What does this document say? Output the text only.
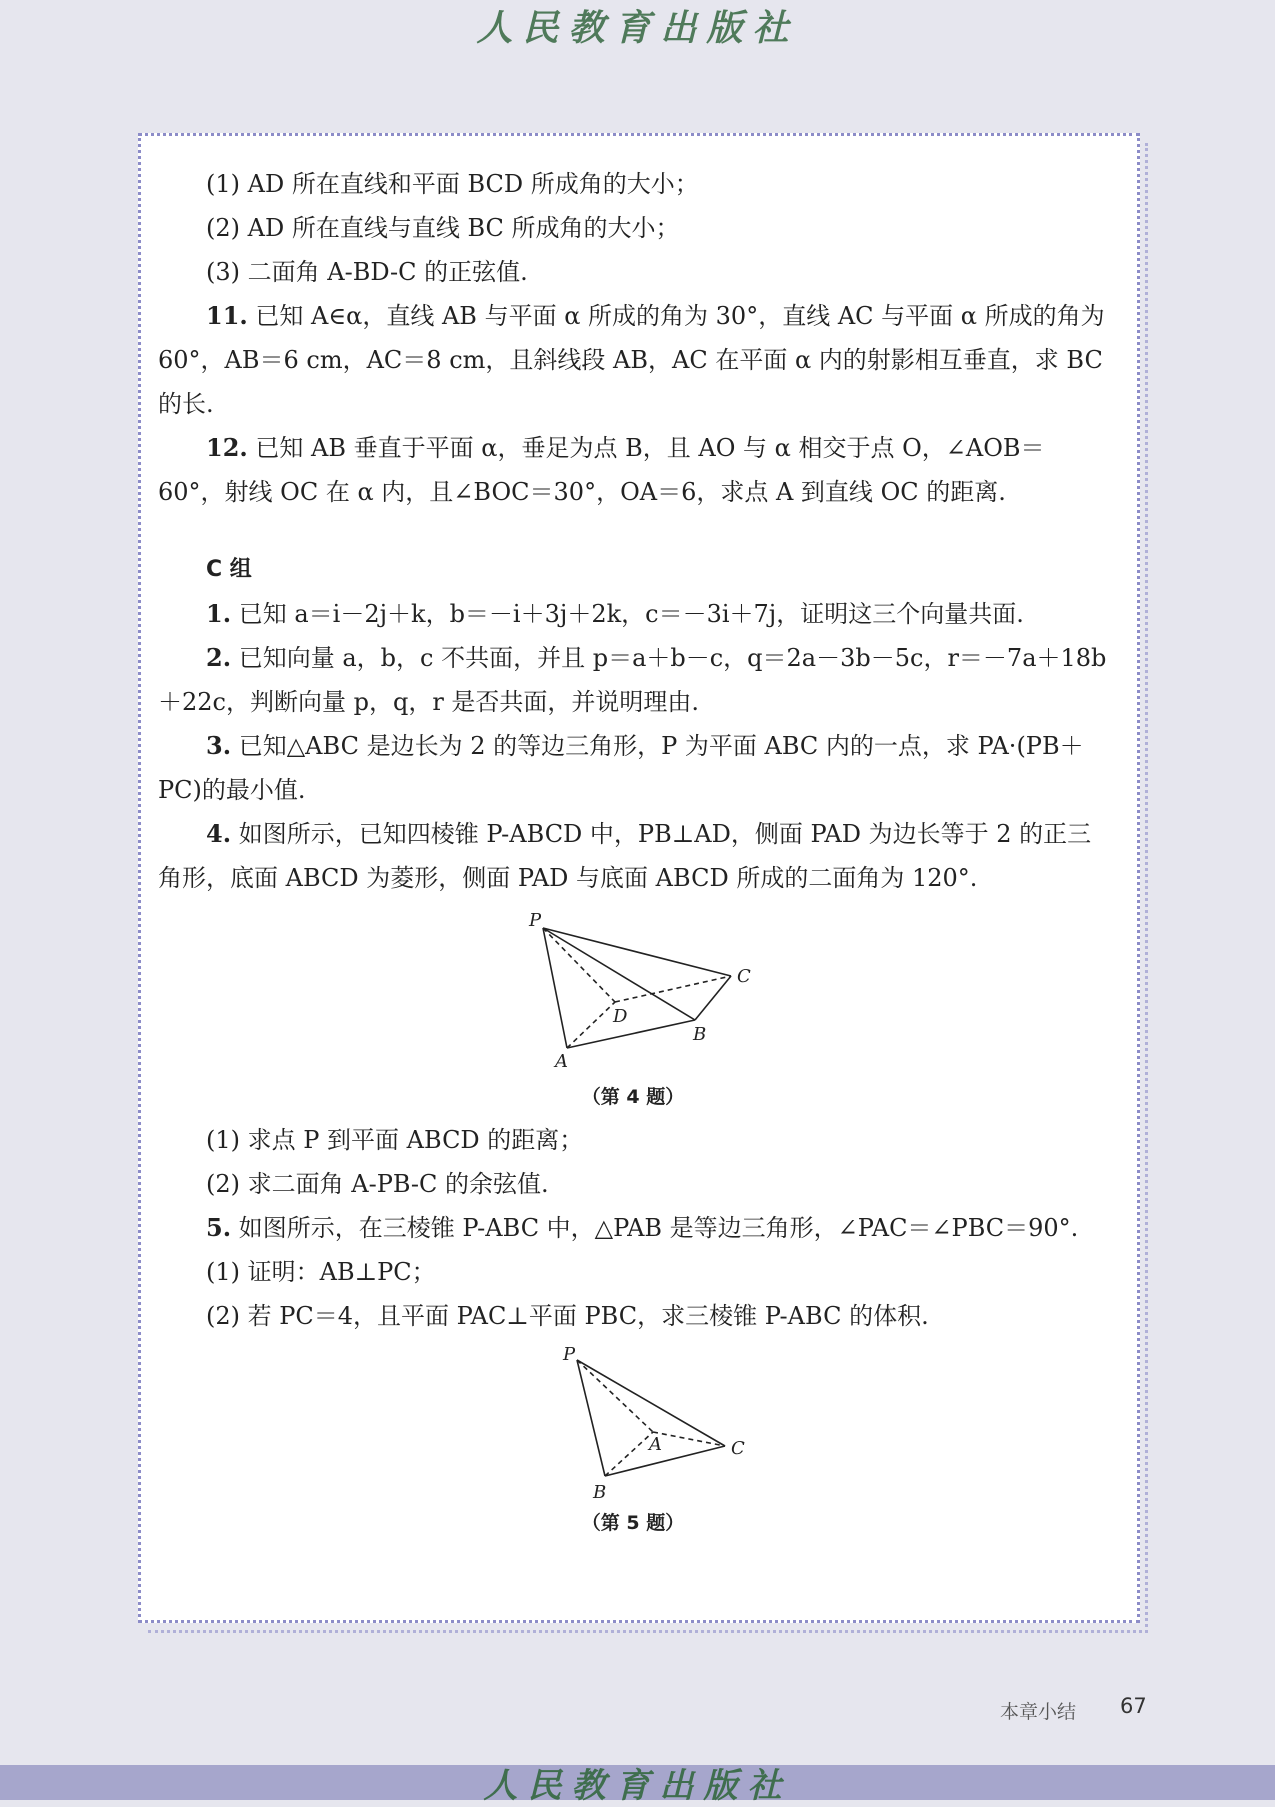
人民教育出版社

(1) AD 所在直线和平面 BCD 所成角的大小；

(2) AD 所在直线与直线 BC 所成角的大小；

(3) 二面角 A-BD-C 的正弦值.

11. 已知 A∈α，直线 AB 与平面 α 所成的角为 30°，直线 AC 与平面 α 所成的角为 60°，AB＝6 cm，AC＝8 cm，且斜线段 AB，AC 在平面 α 内的射影相互垂直，求 BC 的长.

12. 已知 AB 垂直于平面 α，垂足为点 B，且 AO 与 α 相交于点 O，∠AOB＝60°，射线 OC 在 α 内，且∠BOC＝30°，OA＝6，求点 A 到直线 OC 的距离.

C 组

1. 已知 a＝i－2j＋k，b＝－i＋3j＋2k，c＝－3i＋7j，证明这三个向量共面.

2. 已知向量 a，b，c 不共面，并且 p＝a＋b－c，q＝2a－3b－5c，r＝－7a＋18b＋22c，判断向量 p，q，r 是否共面，并说明理由.

3. 已知△ABC 是边长为 2 的等边三角形，P 为平面 ABC 内的一点，求 PA·(PB＋PC)的最小值.

4. 如图所示，已知四棱锥 P-ABCD 中，PB⊥AD，侧面 PAD 为边长等于 2 的正三角形，底面 ABCD 为菱形，侧面 PAD 与底面 ABCD 所成的二面角为 120°.

P
A
B
C
D
（第 4 题）

(1) 求点 P 到平面 ABCD 的距离；

(2) 求二面角 A-PB-C 的余弦值.

5. 如图所示，在三棱锥 P-ABC 中，△PAB 是等边三角形，∠PAC＝∠PBC＝90°.

(1) 证明：AB⊥PC；

(2) 若 PC＝4，且平面 PAC⊥平面 PBC，求三棱锥 P-ABC 的体积.

P
A
B
C
（第 5 题）
本章小结 67
人民教育出版社
